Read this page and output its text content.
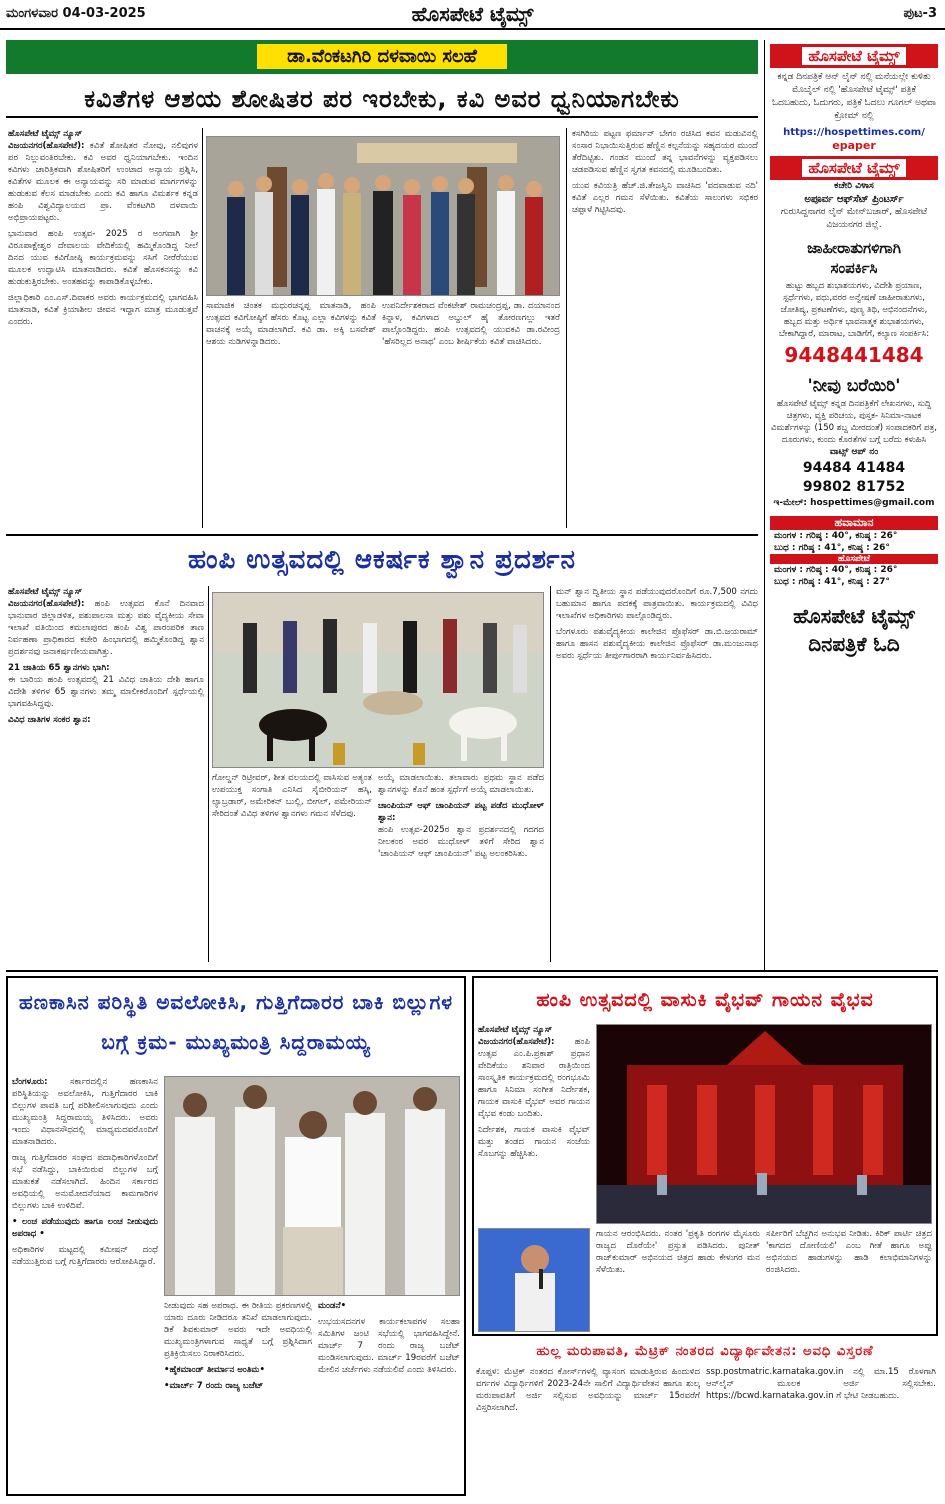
ಮಂಗಳವಾರ 04-03-2025	ಹೊಸಪೇಟೆ ಟೈಮ್ಸ್	ಪುಟ-3
ಡಾ.ವೆಂಕಟಗಿರಿ ದಳವಾಯಿ ಸಲಹೆ
ಕವಿತೆಗಳ ಆಶಯ ಶೋಷಿತರ ಪರ ಇರಬೇಕು, ಕವಿ ಅವರ ಧ್ವನಿಯಾಗಬೇಕು

ಹೊಸಪೇಟೆ ಟೈಮ್ಸ್ ನ್ಯೂಸ್
ವಿಜಯನಗರ(ಹೊಸಪೇಟೆ): ಕವಿತೆ ಶೋಷಿತರ ನೋವು, ನಲಿವುಗಳ ಪರ ನಿಲ್ಲುವಂತಿರಬೇಕು. ಕವಿ ಅವರ ಧ್ವನಿಯಾಗಬೇಕು. ಇಂದಿನ ಕವಿಗಳು ಚಾರಿತ್ರಿಕವಾಗಿ ಶೋಷಿತರಿಗೆ ಉಂಟಾದ ಅನ್ಯಾಯ ಪ್ರಶ್ನಿಸಿ, ಕವಿತೆಗಳ ಮೂಲಕ ಈ ಅನ್ಯಾಯವನ್ನು ಸರಿ ಮಾಡುವ ಮಾರ್ಗಗಳನ್ನು ಹುಡುಕುವ ಕೆಲಸ ಮಾಡಬೇಕು ಎಂದು ಕವಿ ಹಾಗೂ ವಿಮರ್ಶಕ ಕನ್ನಡ ಹಂಪಿ ವಿಶ್ವವಿದ್ಯಾಲಯದ ಪ್ರಾ. ವೆಂಕಟಗಿರಿ ದಳವಾಯಿ ಅಭಿಪ್ರಾಯಪಟ್ಟರು.

ಭಾನುವಾರ ಹಂಪಿ ಉತ್ಸವ- 2025 ರ ಅಂಗವಾಗಿ ಶ್ರೀ ವಿರೂಪಾಕ್ಷೇಶ್ವರ ದೇವಾಲಯ ವೇದಿಕೆಯಲ್ಲಿ ಹಮ್ಮಿಕೊಂಡಿದ್ದ ನೀಲೆ ದಿನದ ಯುವ ಕವಿಗೋಷ್ಠಿ ಕಾರ್ಯಕ್ರಮವನ್ನು ಸಸಿಗೆ ನೀರೆರೆಯುವ ಮೂಲಕ ಉದ್ಘಾಟಿಸಿ ಮಾತನಾಡಿದರು. ಕವಿತೆ ಹೊಸಕನಸನ್ನು ಕವಿ ಹುಡುಕುತ್ತಿರಬೇಕು. ಅಂತಹವನ್ನು ಕಾಪಾಡಿಕೊಳ್ಳಬೇಕು.

ಜಿಲ್ಲಾಧಿಕಾರಿ ಎಂ.ಎಸ್.ದಿವಾಕರ ಅವರು ಕಾರ್ಯಕ್ರಮದಲ್ಲಿ ಭಾಗವಹಿಸಿ ಮಾತನಾಡಿ, ಕವಿತೆ ಕ್ರಿಯಾಶೀಲ ಜೀವನ ಇದ್ದಾಗ ಮಾತ್ರ ಮೂಡುತ್ತವೆ ಎಂದರು.

ಸಾಮಾಜಿಕ ಚಿಂತಕ ಮಧುರಚನ್ನಪ್ಪ ಮಾತನಾಡಿ, ಹಂಪಿ ಉತ್ಸವದ ಕವಿಗೋಷ್ಠಿಗೆ ಹೆಸರು ಕೊಟ್ಟ ಎಲ್ಲಾ ಕವಿಗಳನ್ನು ಕವಿತೆ ವಾಚನಕ್ಕೆ ಅಯ್ಕೆ ಮಾಡಲಾಗಿದೆ. ಕವಿ ಡಾ. ಅಕ್ಕಿ ಬಸವೇಶ್ ಆಶಯ ನುಡಿಗಳನ್ನಾಡಿದರು.

ಉಪನಿರ್ದೇಶಕರಾದ ವೆಂಕಟೇಶ್ ರಾಮಚಂದ್ರಪ್ಪ, ಡಾ. ದಯಾನಂದ ಕಿನ್ನಾಳ, ಕವಿಗಳಾದ ಅಬ್ದುಲ್ ಹೈ ತೋರಣಗಲ್ಲು ಇತರೆ ಪಾಲ್ಗೊಂಡಿದ್ದರು. ಹಂಪಿ ಉತ್ಸವದಲ್ಲಿ ಯುವಕವಿ ಡಾ.ರವೀಂದ್ರ 'ಹೆಸರಿಲ್ಲದ ಅನಾಥ' ಎಂಬ ಶೀರ್ಷಿಕೆಯ ಕವಿತೆ ವಾಚಿಸಿದರು.

ಕಸಗಿರಿಯ ಪಟ್ಟಣ ಫರ್ಮಾನ್ ಬೇಗಂ ರಚಿಸಿದ ಕವನ ಮಡುವಿನಲ್ಲಿ ಸಂಸಾರ ನಿಭಾಯಿಸುತ್ತಿರುವ ಹೆಣ್ಣಿನ ಕಲ್ಪನೆಯನ್ನು ಸಹೃದಯರ ಮುಂದೆ ತೆರೆದಿಟ್ಟಿತು. ಗಂಡನ ಮುಂದೆ ತನ್ನ ಭಾವನೆಗಳನ್ನು ವ್ಯಕ್ತಪಡಿಸಲು ಚಡಪಡಿಸುವ ಹೆಣ್ಣಿನ ಸ್ವಗತ ಕವನದಲ್ಲಿ ಮೂಡಿಬಂದಿತು.

ಯುವ ಕವಿಯತ್ರಿ ಹೆಚ್.ಜಿ.ತೇಜಸ್ವಿನಿ ವಾಚಿಸಿದ 'ವದವಾಡುವ ನದಿ' ಕವಿತೆ ಎಲ್ಲರ ಗಮನ ಸೆಳೆಯಿತು. ಕವಿತೆಯ ಸಾಲುಗಳು ಸಭಿಕರ ಚಪ್ಪಾಳೆ ಗಿಟ್ಟಿಸಿದವು.

ಹಂಪಿ ಉತ್ಸವದಲ್ಲಿ ಆಕರ್ಷಕ ಶ್ವಾನ ಪ್ರದರ್ಶನ

ಹೊಸಪೇಟೆ ಟೈಮ್ಸ್ ನ್ಯೂಸ್
ವಿಜಯನಗರ(ಹೊಸಪೇಟೆ): ಹಂಪಿ ಉತ್ಸವದ ಕೊನೆ ದಿನವಾದ ಭಾನುವಾರ ಜಿಲ್ಲಾಡಳಿತ, ಪಶುಪಾಲನಾ ಮತ್ತು ಪಶು ವೈದ್ಯಕೀಯ ಸೇವಾ ಇಲಾಖೆ ವತಿಯಿಂದ ಕಮಲಾಪುರದ ಹಂಪಿ ವಿಶ್ವ ಪಾರಂಪರಿಕ ತಾಣ ನಿರ್ವಹಣಾ ಪ್ರಾಧಿಕಾರದ ಕಚೇರಿ ಹಿಂಭಾಗದಲ್ಲಿ ಹಮ್ಮಿಕೊಂಡಿದ್ದ ಶ್ವಾನ ಪ್ರದರ್ಶನವು ಜನಾಕರ್ಷಣೀಯವಾಗಿತ್ತು.

21 ಜಾತಿಯ 65 ಶ್ವಾನಗಳು ಭಾಗಿ:
ಈ ಬಾರಿಯ ಹಂಪಿ ಉತ್ಸವದಲ್ಲಿ 21 ವಿವಿಧ ಜಾತಿಯ ದೇಶಿ ಹಾಗೂ ವಿದೇಶಿ ತಳಿಗಳ 65 ಶ್ವಾನಗಳು ತಮ್ಮ ಮಾಲೀಕರೊಂದಿಗೆ ಸ್ಪರ್ಧೆಯಲ್ಲಿ ಭಾಗವಹಿಸಿದ್ದವು.

ವಿವಿಧ ಜಾತಿಗಳ ಸಂಕರ ಶ್ವಾನ:

ಗೋಲ್ಡನ್ ರಿಟ್ರೀವರ್, ಶೀತ ವಲಯದಲ್ಲಿ ವಾಸಿಸುವ ಅತ್ಯಂತ ಉಪಯುಕ್ತ ಸಂಗಾತಿ ಎನಿಸಿದ ಸೈಬೀರಿಯನ್ ಹಸ್ಕಿ, ಲ್ಯಾಬ್ರಡಾರ್, ಅಮೇರಿಕನ್ ಬುಲ್ಲಿ, ಬೀಗಲ್, ಪಮೇರಿಯನ್ ಸೇರಿದಂತೆ ವಿವಿಧ ತಳಿಗಳ ಶ್ವಾನಗಳು ಗಮನ ಸೆಳೆದವು.

ಅಯ್ಕೆ ಮಾಡಲಾಯಿತು. ತಲಾವಾರು ಪ್ರಥಮ ಸ್ಥಾನ ಪಡೆದ ಶ್ವಾನಗಳನ್ನು ಕೊನೆ ಹಂತ ಸ್ಪರ್ಧೆಗೆ ಅಯ್ಕೆ ಮಾಡಲಾಯಿತು.

ಚಾಂಪಿಯನ್ ಆಫ್ ಚಾಂಪಿಯನ್ ಪಟ್ಟ ಪಡೆದ ಮುಧೋಳ್ ಶ್ವಾನ:
ಹಂಪಿ ಉತ್ಸವ-2025ರ ಶ್ವಾನ ಪ್ರದರ್ಶನದಲ್ಲಿ ಗದಗದ ನೀಲಕಂಠ ಅವರ ಮುಧೋಳ್ ತಳಿಗೆ ಸೇರಿದ ಶ್ವಾನ 'ಚಾಂಪಿಯನ್ ಆಫ್ ಚಾಂಪಿಯನ್' ಪಟ್ಟ ಅಲಂಕರಿಸಿತು.

ಮನ್ ಶ್ವಾನ ದ್ವಿತೀಯ ಸ್ಥಾನ ಪಡೆಯುವುದರೊಂದಿಗೆ ರೂ.7,500 ನಗದು ಬಹುಮಾನ ಹಾಗೂ ಪದಕಕ್ಕೆ ಪಾತ್ರವಾಯಿತು. ಕಾರ್ಯಕ್ರಮದಲ್ಲಿ ವಿವಿಧ ಇಲಾಖೆಗಳ ಅಧಿಕಾರಿಗಳು ಪಾಲ್ಗೊಂಡಿದ್ದರು.

ಬೆಂಗಳೂರು ಪಶುವೈದ್ಯಕೀಯ ಕಾಲೇಜಿನ ಪ್ರೊಫೆಸರ್ ಡಾ.ಬಿ.ಜಯರಾಮ್ ಹಾಗೂ ಹಾಸನ ಪಶುವೈದ್ಯಕೀಯ ಕಾಲೇಜಿನ ಪ್ರೊಫೆಸರ್ ಡಾ.ಮಂಜುನಾಥ ಅವರು ಸ್ಪರ್ಧೆಯ ತೀರ್ಪುಗಾರರಾಗಿ ಕಾರ್ಯನಿರ್ವಹಿಸಿದರು.

ಹೊಸಪೇಟೆ ಟೈಮ್ಸ್
ಕನ್ನಡ ದಿನಪತ್ರಿಕೆ ಆನ್ ಲೈನ್ ನಲ್ಲಿ ಮನೆಯಲ್ಲೇ ಕುಳಿತು ಮೊಬೈಲ್ ನಲ್ಲಿ 'ಹೊಸಪೇಟೆ ಟೈಮ್ಸ್' ಪತ್ರಿಕೆ ಓದಬಹುದು, ಓದುಗರು, ಪತ್ರಿಕೆ ಓದಲು ಗೂಗಲ್ ಅಥವಾ ಕ್ರೋಮ್ ನಲ್ಲಿ
https://hospettimes.com/
epaper
ಹೊಸಪೇಟೆ ಟೈಮ್ಸ್
ಕಚೇರಿ ವಿಳಾಸ
ಅಪೂರ್ವ ಆಫ್‌ಸೆಟ್ ಪ್ರಿಂಟರ್ಸ್
ಗುರುಸಿದ್ದನಾಗರ ಲೈನ್ ಮೇನ್‌ಬಜಾರ್, ಹೊಸಪೇಟೆ
ವಿಜಯನಗರ ಜಿಲ್ಲೆ.
ಜಾಹೀರಾತುಗಳಿಗಾಗಿ
ಸಂಪರ್ಕಿಸಿ
ಹುಟ್ಟು ಹಬ್ಬದ ಶುಭಾಶಯಗಳು, ವಿದೇಶಿ ಪ್ರಯಾಣ, ಸ್ಪರ್ಧೆಗಳು, ವಧು,ವರರ ಅನ್ವೇಷಣೆ ಜಾಹೀರಾತುಗಳು, ಜೋತಿಷ್ಯ, ಪ್ರಕಟಣೆಗಳು, ಪುಣ್ಯ ತಿಥಿ, ಅಭಿನಂದನೆಗಳು, ಹಬ್ಬದ ಮತ್ತು ಅರ್ಥಿಕ ಭಾವನಾತ್ಮಕ ಶುಭಾಶಯಗಳು, ಬೇಕಾಗಿದ್ದಾರೆ, ಮಾರಾಟ, ಬಾಡಿಗೆಗೆ, ಕಲ್ಯಾಣ ಸಂಪರ್ಕಿಸಿ:
9448441484
'ನೀವು ಬರೆಯಿರಿ'
ಹೊಸಪೇಟೆ ಟೈಮ್ಸ್ ಕನ್ನಡ ದಿನಪತ್ರಿಕೆಗೆ ಲೇಖನಗಳು, ಸುದ್ದಿ ಚಿತ್ರಗಳು, ವ್ಯಕ್ತಿ ಪರಿಚಯ, ಪುಸ್ತಕ- ಸಿನಿಮಾ-ನಾಟಕ ವಿಮರ್ಶೆಗಳನ್ನು (150 ಶಬ್ದ ಮೀರದಂತೆ) ಸಂಪಾದಕರಿಗೆ ಪತ್ರ, ದೂರುಗಳು, ಕುಂದು ಕೊರತೆಗಳ ಬಗ್ಗೆ ಬರೆದು ಕಳುಹಿಸಿ
ವಾಟ್ಸ್ ಆಪ್ ನಂ
94484 41484
99802 81752
ಇ-ಮೇಲ್: hospettimes@gmail.com
ಹವಾಮಾನ
ಮಂಗಳ : ಗರಿಷ್ಠ : 40°, ಕನಿಷ್ಠ : 26°
ಬುಧ : ಗರಿಷ್ಠ : 41°, ಕನಿಷ್ಠ : 26°
ಹೊಸಪೇಟೆ
ಮಂಗಳ : ಗರಿಷ್ಠ : 40°, ಕನಿಷ್ಠ : 26°
ಬುಧ : ಗರಿಷ್ಠ : 41°, ಕನಿಷ್ಠ : 27°
ಹೊಸಪೇಟೆ ಟೈಮ್ಸ್
ದಿನಪತ್ರಿಕೆ ಓದಿ
ಹಣಕಾಸಿನ ಪರಿಸ್ಥಿತಿ ಅವಲೋಕಿಸಿ, ಗುತ್ತಿಗೆದಾರರ ಬಾಕಿ ಬಿಲ್ಲುಗಳ ಬಗ್ಗೆ ಕ್ರಮ- ಮುಖ್ಯಮಂತ್ರಿ ಸಿದ್ದರಾಮಯ್ಯ

ಬೆಂಗಳೂರು:	ಸರ್ಕಾರದಲ್ಲಿನ ಹಣಕಾಸಿನ ಪರಿಸ್ಥಿತಿಯನ್ನು ಅವಲೋಕಿಸಿ, ಗುತ್ತಿಗೆದಾರರ ಬಾಕಿ ಬಿಲ್ಲುಗಳ ಪಾವತಿ ಬಗ್ಗೆ ಪರಿಶೀಲಿಸಲಾಗುವುದು ಎಂದು ಮುಖ್ಯಮಂತ್ರಿ ಸಿದ್ದರಾಮಯ್ಯ ತಿಳಿಸಿದರು. ಅವರು ಇಂದು ವಿಧಾನಸೌಧದಲ್ಲಿ ಮಾಧ್ಯಮದವರೊಂದಿಗೆ ಮಾತನಾಡಿದರು.

ರಾಜ್ಯ ಗುತ್ತಿಗೆದಾರರ ಸಂಘದ ಪದಾಧಿಕಾರಿಗಳೊಂದಿಗೆ ಸಭೆ ನಡೆಸಿದ್ದು, ಬಾಕಿಯಿರುವ ಬಿಲ್ಲುಗಳ ಬಗ್ಗೆ ಮಾತುಕತೆ ನಡೆಸಲಾಗಿದೆ. ಹಿಂದಿನ ಸರ್ಕಾರದ ಅವಧಿಯಲ್ಲಿ ಅನುಮೋದನೆಯಾದ ಕಾಮಗಾರಿಗಳ ಬಿಲ್ಲುಗಳು ಬಾಕಿ ಉಳಿದಿವೆ.

• ಲಂಚ ಪಡೆಯುವುದು ಹಾಗೂ ಲಂಚ ನೀಡುವುದು ಅಪರಾಧ •

ಅಧಿಕಾರಿಗಳ ಮಟ್ಟದಲ್ಲಿ ಕಮೀಷನ್ ದಂಧೆ ನಡೆಯುತ್ತಿರುವ ಬಗ್ಗೆ ಗುತ್ತಿಗೆದಾರರು ಆರೋಪಿಸಿದ್ದಾರೆ.

ನೀಡುವುದು ಸಹ ಅಪರಾಧ. ಈ ರೀತಿಯ ಪ್ರಕರಣಗಳಲ್ಲಿ ಯಾರು ದೂರು ನೀಡಿದರೂ ತನಿಖೆ ಮಾಡಲಾಗುವುದು. ಡಿಕೆ ಶಿವಕುಮಾರ್ ಅವರು ಇದೇ ಅವಧಿಯಲ್ಲಿ ಮುಖ್ಯಮಂತ್ರಿಗಳಾಗುವ ಸಾಧ್ಯತೆ ಬಗ್ಗೆ ಪ್ರಶ್ನಿಸಿದಾಗ ಪ್ರತಿಕ್ರಿಯಿಸಲು ನಿರಾಕರಿಸಿದರು.

•ಹೈಕಮಾಂಡ್ ತೀರ್ಮಾನ ಅಂತಿಮ•

•ಮಾರ್ಚ್ 7 ರಂದು ರಾಜ್ಯ ಬಜೆಟ್

ಮಂಡನೆ•

ಉಭಯಸದನಗಳ ಕಾರ್ಯಕಲಾಪಗಳ ಸಲಹಾ ಸಮಿತಿಗಳ ಜಂಟಿ ಸಭೆಯಲ್ಲಿ ಭಾಗವಹಿಸಿದ್ದೇನೆ. ಮಾರ್ಚ್ 7 ರಂದು ರಾಜ್ಯ ಬಜೆಟ್ ಮಂಡಿಸಲಾಗುವುದು. ಮಾರ್ಚ್ 19ರವರೆಗೆ ಬಜೆಟ್ ಮೇಲಿನ ಚರ್ಚೆಗಳು ನಡೆಯಲಿವೆ ಎಂದು ತಿಳಿಸಿದರು.

ಹಂಪಿ ಉತ್ಸವದಲ್ಲಿ ವಾಸುಕಿ ವೈಭವ್ ಗಾಯನ ವೈಭವ

ಹೊಸಪೇಟೆ ಟೈಮ್ಸ್ ನ್ಯೂಸ್
ವಿಜಯನಗರ(ಹೊಸಪೇಟೆ): ಹಂಪಿ ಉತ್ಸವ ಎಂ.ಪಿ.ಪ್ರಕಾಶ್ ಪ್ರಧಾನ ವೇದಿಕೆಯು ಶನಿವಾರ ರಾತ್ರಿಯಿಂದ ಸಾಂಸ್ಕೃತಿಕ ಕಾರ್ಯಕ್ರಮದಲ್ಲಿ ರಂಗಭೂಮಿ ಹಾಗೂ ಸಿನಿಮಾ ಸಂಗೀತ ನಿರ್ದೇಶಕ, ಗಾಯಕ ವಾಸುಕಿ ವೈಭವ್ ಅವರ ಗಾಯನ ವೈಭವ ಕಂಡು ಬಂದಿತು.

ನಿರ್ದೇಶಕ, ಗಾಯಕ ವಾಸುಕಿ ವೈಭವ್ ಮತ್ತು ತಂಡದ ಗಾಯನ ಸಂಜೆಯ ಸೊಬಗನ್ನು ಹೆಚ್ಚಿಸಿತು.

ಗಾಯನ ಆರಂಭಿಸಿದರು. ನಂತರ 'ಪ್ರಕೃತಿ ರಂಗಗಳ ಮೈಸೂರು ರಾಜ್ಯದ ದೊರೆಯೇ' ಪ್ರಸ್ತುತ ಪಡಿಸಿದರು. ಪುನೀತ್ ರಾಜ್‌ಕುಮಾರ್ ಅಭಿನಯದ ಚಿತ್ರದ ಹಾಡು ಕೇಳುಗರ ಮನ ಸೆಳೆಯಿತು.

ಸರ್ಪೀರಿಗೆ ಬೆಚ್ಚಗಿನ ಅನುಭವ ನೀಡಿತು. ಕಿರಿಕ್ ಪಾರ್ಟಿ ಚಿತ್ರದ 'ಕಾಗದದ ದೋಣಿಯಲಿ' ಎಂಬ ಗೀತೆ ಹಾಗೂ ಅಪ್ಪು ಅಭಿನಯದ ಹಾಡುಗಳನ್ನು ಹಾಡಿ ಕಲಾಭಿಮಾನಿಗಳನ್ನು ರಂಜಿಸಿದರು.

ಹುಲ್ಲ ಮರುಪಾವತಿ, ಮೆಟ್ರಿಕ್ ನಂತರದ ವಿದ್ಯಾರ್ಥಿವೇತನ: ಅವಧಿ ವಿಸ್ತರಣೆ

ಕೊಪ್ಪಳ: ಮೆಟ್ರಿಕ್ ನಂತರದ ಕೋರ್ಸ್‌ಗಳಲ್ಲಿ ವ್ಯಾಸಂಗ ಮಾಡುತ್ತಿರುವ ಹಿಂದುಳಿದ ವರ್ಗಗಳ ವಿದ್ಯಾರ್ಥಿಗಳಿಗೆ 2023-24ನೇ ಸಾಲಿಗೆ ವಿದ್ಯಾರ್ಥಿವೇತನ ಹಾಗೂ ಶುಲ್ಕ ಮರುಪಾವತಿಗೆ ಅರ್ಜಿ ಸಲ್ಲಿಸುವ ಅವಧಿಯನ್ನು ಮಾರ್ಚ್ 15ರವರೆಗೆ ವಿಸ್ತರಿಸಲಾಗಿದೆ.

ssp.postmatric.karnataka.gov.in ನಲ್ಲಿ ಮಾ.15 ರೊಳಗಾಗಿ ಆನ್‌ಲೈನ್ ಮೂಲಕ ಅರ್ಜಿ ಸಲ್ಲಿಸಬೇಕು. https://bcwd.karnataka.gov.in ಗೆ ಭೇಟಿ ನೀಡಬಹುದು.
